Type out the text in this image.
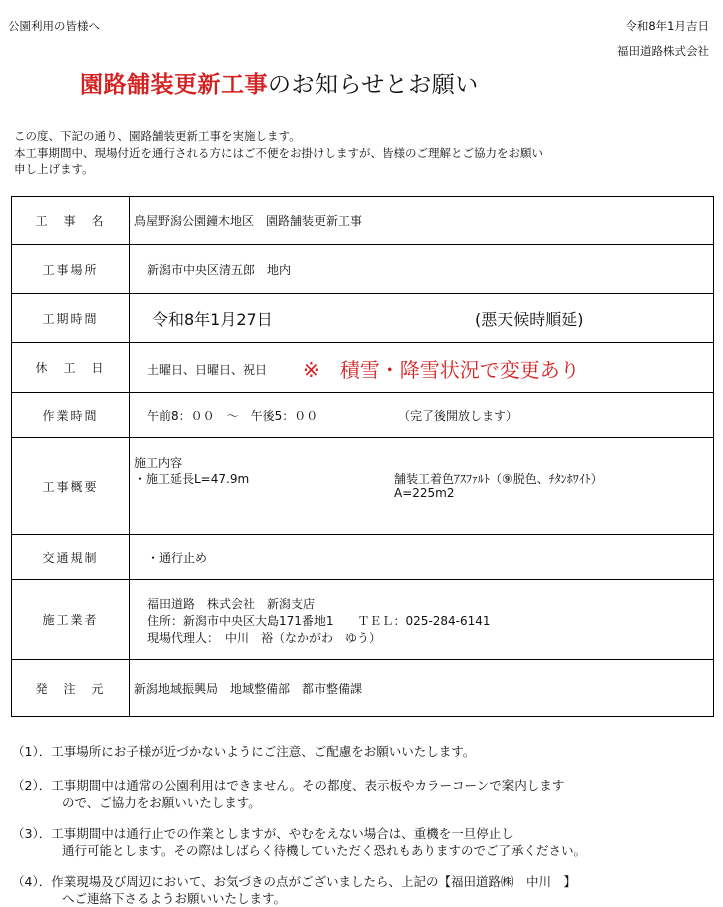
公園利用の皆様へ	令和8年1月吉日
福田道路株式会社
園路舗装更新工事のお知らせとお願い
この度、下記の通り、園路舗装更新工事を実施します。
本工事期間中、現場付近を通行される方にはご不便をお掛けしますが、皆様のご理解とご協力をお願い
申し上げます。
工　事　名	鳥屋野潟公園鐘木地区　園路舗装更新工事

工事場所	新潟市中央区清五郎　地内

工期時間	令和8年1月27日 (悪天候時順延)

休　工　日	土曜日、日曜日、祝日 ※　積雪・降雪状況で変更あり

作業時間	午前8：００　～　午後5：００ （完了後開放します）

工事概要	施工内容
・施工延長L=47.9m 舗装工着色ｱｽﾌｧﾙﾄ（⑨脱色、ﾁﾀﾝﾎﾜｲﾄ）
A=225m2

交通規制	・通行止め

施工業者	福田道路　株式会社　新潟支店
住所：新潟市中央区大島171番地1　　ＴＥＬ：025-284-6141
現場代理人：　中川　裕（なかがわ　ゆう）

発　注　元	新潟地域振興局　地域整備部　都市整備課
（1）．工事場所にお子様が近づかないようにご注意、ご配慮をお願いいたします。
（2）．工事期間中は通常の公園利用はできません。その都度、表示板やカラーコーンで案内します
ので、ご協力をお願いいたします。
（3）．工事期間中は通行止での作業としますが、やむをえない場合は、重機を一旦停止し
通行可能とします。その際はしばらく待機していただく恐れもありますのでご了承ください。
（4）．作業現場及び周辺において、お気づきの点がございましたら、上記の【福田道路㈱　中川　】
へご連絡下さるようお願いいたします。
